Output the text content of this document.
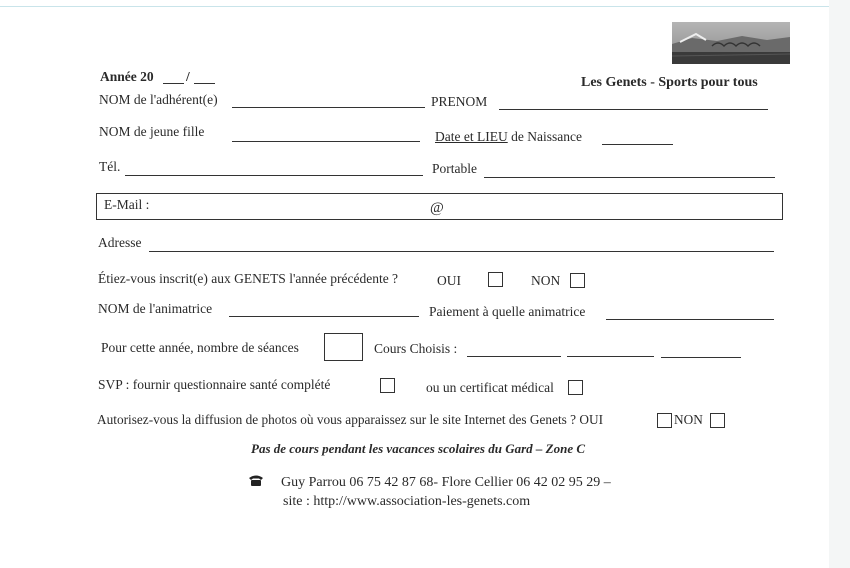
Année 20 /	Les Genets - Sports pour tous
NOM de l'adhérent(e)	PRENOM
NOM de jeune fille	Date et LIEU de Naissance
Tél.	Portable
E-Mail :	@
Adresse
Étiez-vous inscrit(e) aux GENETS l'année précédente ?	OUI	NON
NOM de l'animatrice	Paiement à quelle animatrice
Pour cette année, nombre de séances	Cours Choisis :
SVP : fournir questionnaire santé complété	ou un certificat médical
Autorisez-vous la diffusion de photos où vous apparaissez sur le site Internet des Genets ? OUI	NON
Pas de cours pendant les vacances scolaires du Gard – Zone C
Guy Parrou 06 75 42 87 68- Flore Cellier 06 42 02 95 29 –
site : http://www.association-les-genets.com
